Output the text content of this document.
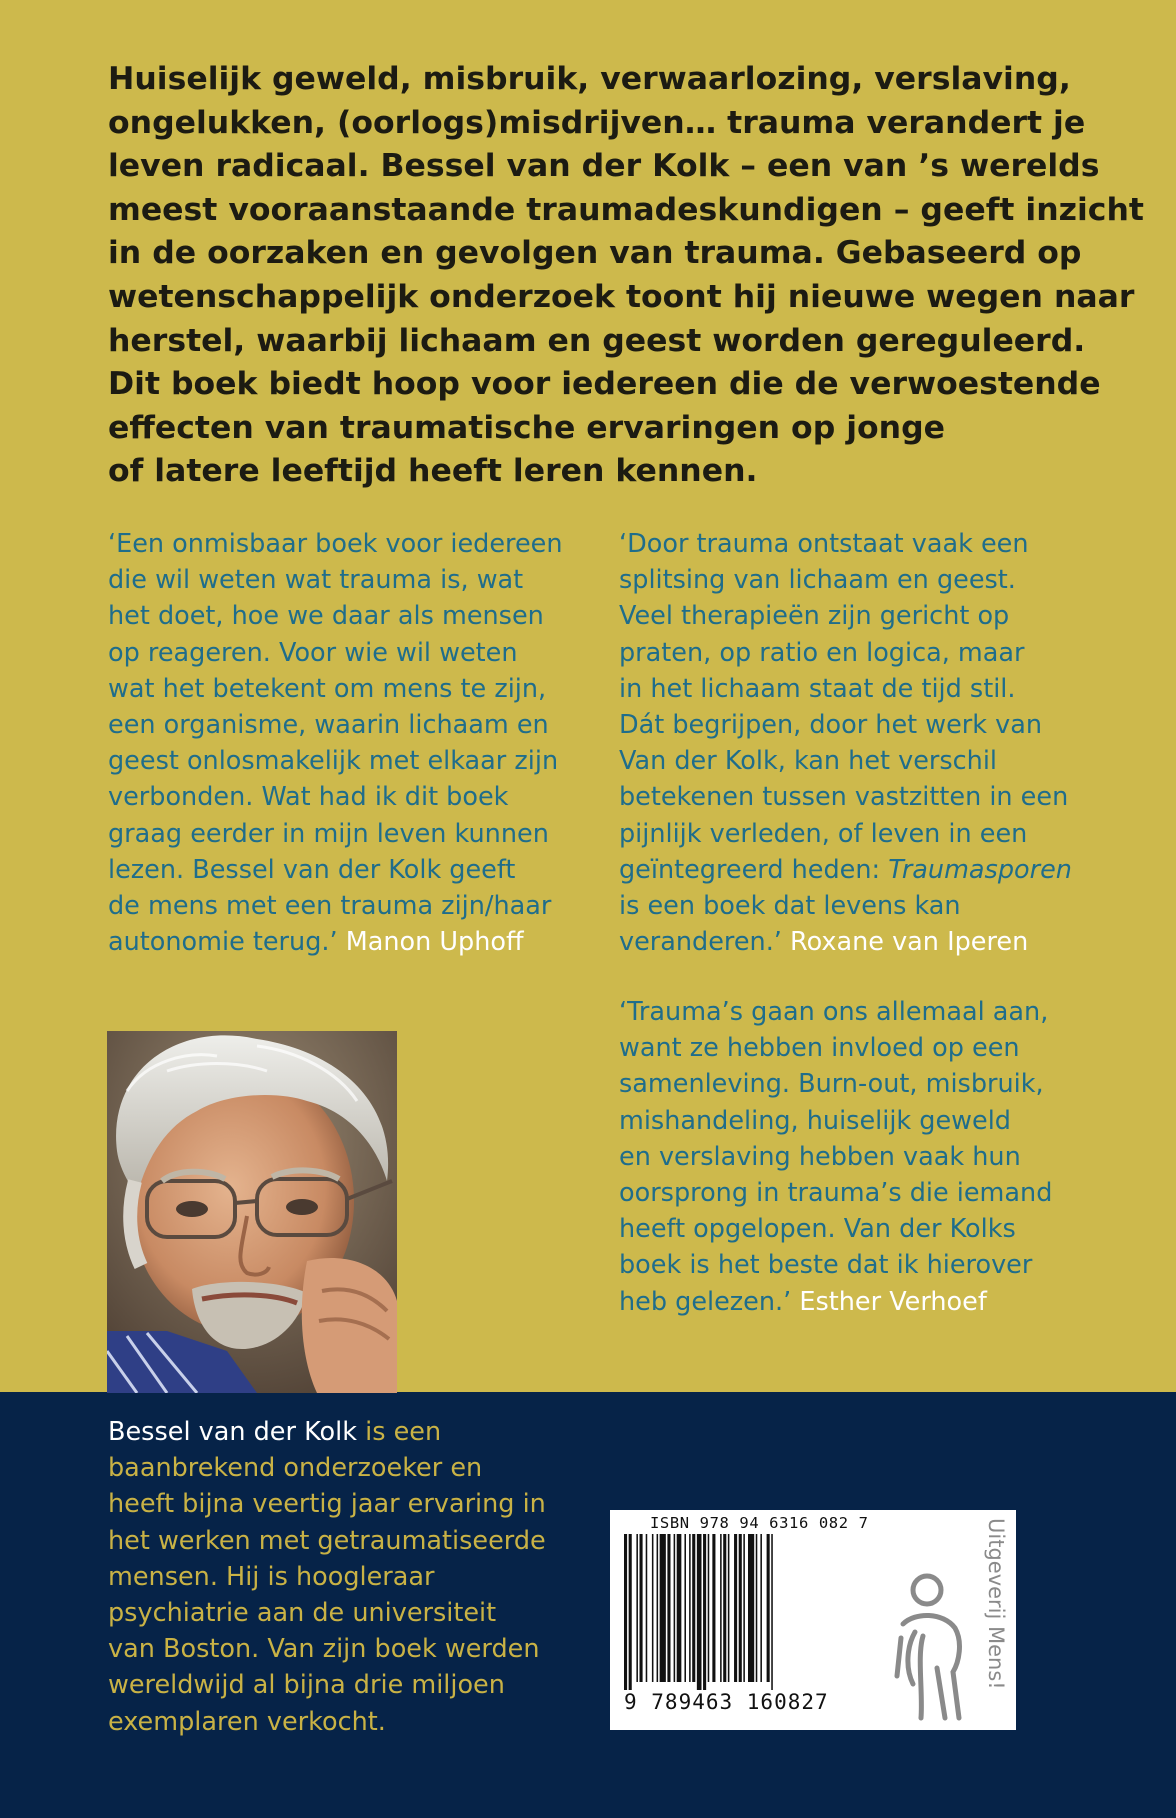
Huiselijk geweld, misbruik, verwaarlozing, verslaving,
ongelukken, (oorlogs)misdrijven… trauma verandert je
leven radicaal. Bessel van der Kolk – een van ’s werelds
meest vooraanstaande traumadeskundigen – geeft inzicht
in de oorzaken en gevolgen van trauma. Gebaseerd op
wetenschappelijk onderzoek toont hij nieuwe wegen naar
herstel, waarbij lichaam en geest worden gereguleerd.
Dit boek biedt hoop voor iedereen die de verwoestende
effecten van traumatische ervaringen op jonge
of latere leeftijd heeft leren kennen.
‘Een onmisbaar boek voor iedereen
die wil weten wat trauma is, wat
het doet, hoe we daar als mensen
op reageren. Voor wie wil weten
wat het betekent om mens te zijn,
een organisme, waarin lichaam en
geest onlosmakelijk met elkaar zijn
verbonden. Wat had ik dit boek
graag eerder in mijn leven kunnen
lezen. Bessel van der Kolk geeft
de mens met een trauma zijn/haar
autonomie terug.’ Manon Uphoff
‘Door trauma ontstaat vaak een
splitsing van lichaam en geest.
Veel therapieën zijn gericht op
praten, op ratio en logica, maar
in het lichaam staat de tijd stil.
Dát begrijpen, door het werk van
Van der Kolk, kan het verschil
betekenen tussen vastzitten in een
pijnlijk verleden, of leven in een
geïntegreerd heden: Traumasporen
is een boek dat levens kan
veranderen.’ Roxane van Iperen
‘Trauma’s gaan ons allemaal aan,
want ze hebben invloed op een
samenleving. Burn-out, misbruik,
mishandeling, huiselijk geweld
en verslaving hebben vaak hun
oorsprong in trauma’s die iemand
heeft opgelopen. Van der Kolks
boek is het beste dat ik hierover
heb gelezen.’ Esther Verhoef
Bessel van der Kolk is een
baanbrekend onderzoeker en
heeft bijna veertig jaar ervaring in
het werken met getraumatiseerde
mensen. Hij is hoogleraar
psychiatrie aan de universiteit
van Boston. Van zijn boek werden
wereldwijd al bijna drie miljoen
exemplaren verkocht.
ISBN 978 94 6316 082 7
9 789463 160827
Uitgeverij Mens!
